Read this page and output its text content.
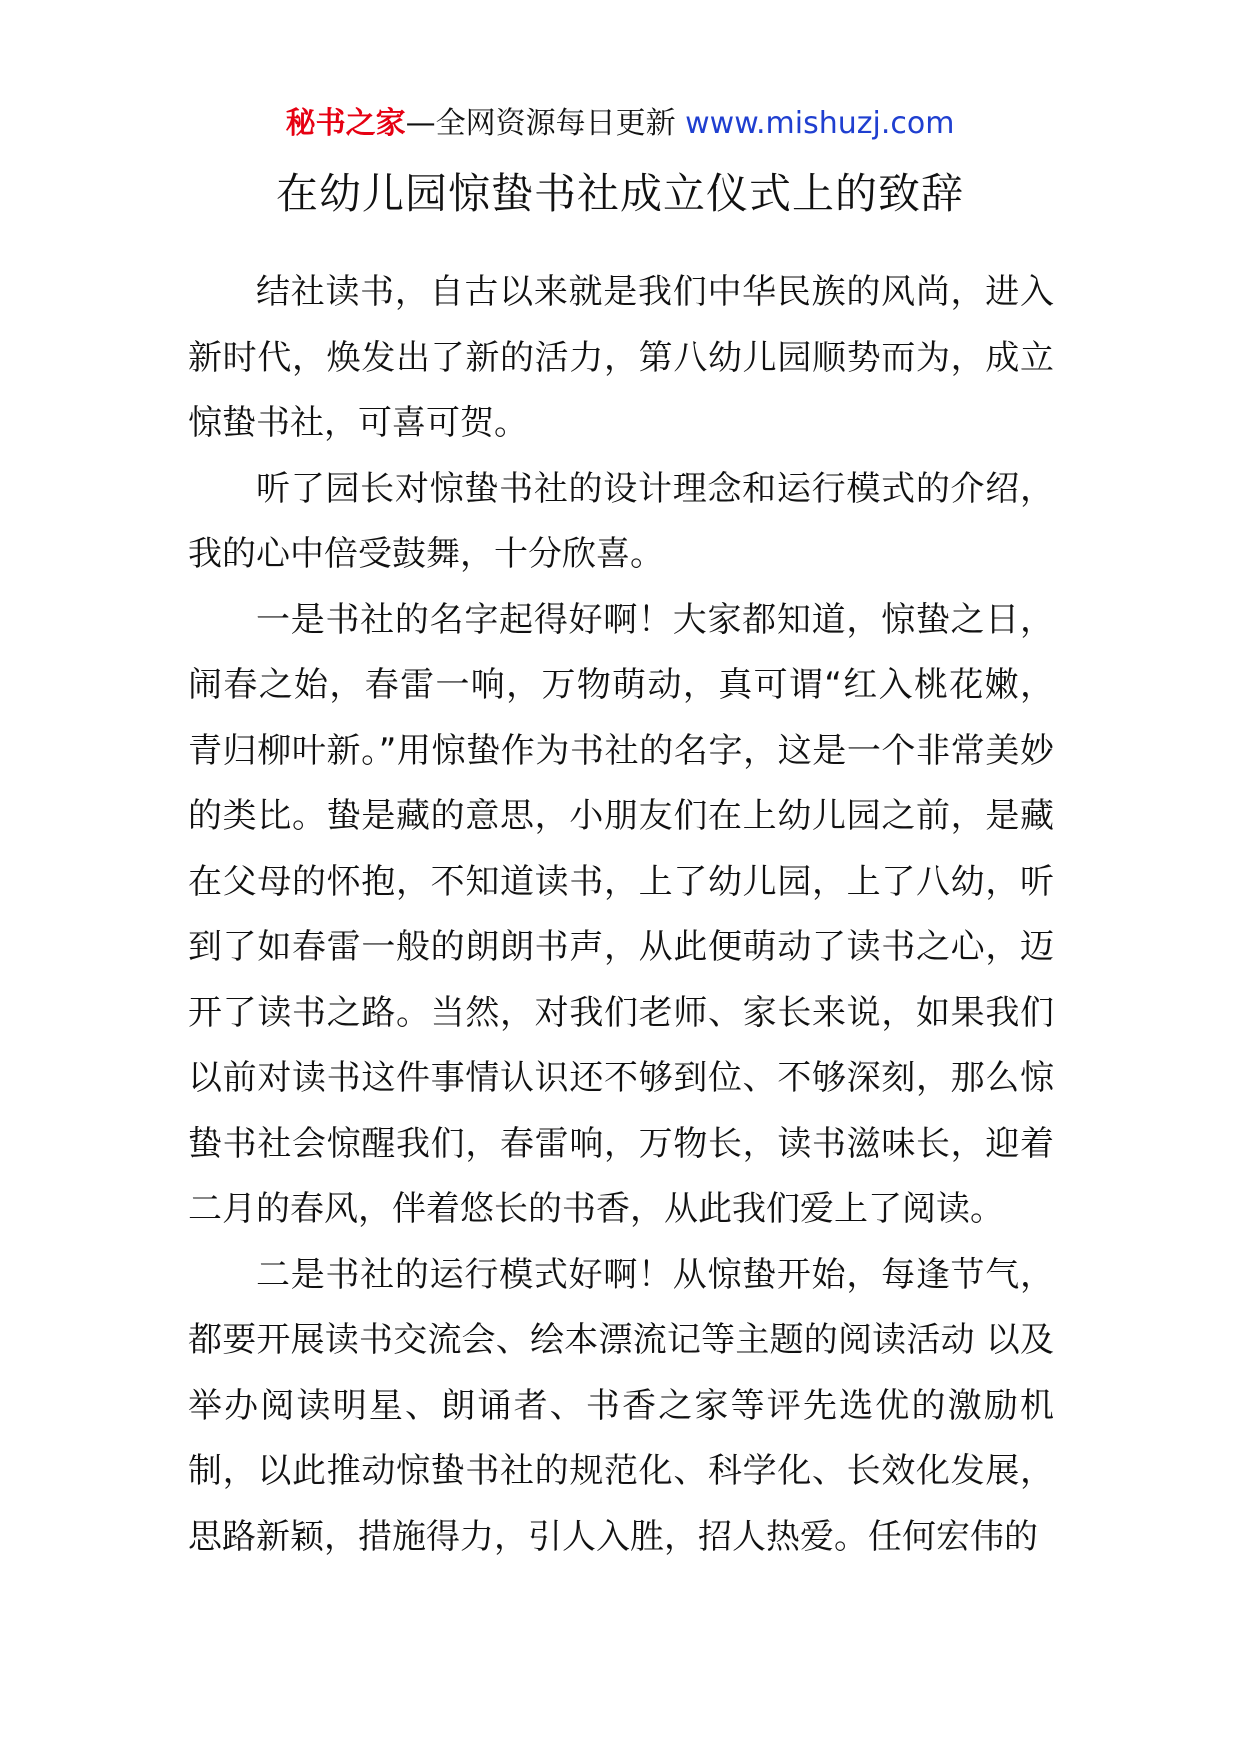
秘书之家—全网资源每日更新 www.mishuzj.com
在幼儿园惊蛰书社成立仪式上的致辞

结社读书，自古以来就是我们中华民族的风尚，进入新时代，焕发出了新的活力，第八幼儿园顺势而为，成立惊蛰书社，可喜可贺。

听了园长对惊蛰书社的设计理念和运行模式的介绍，我的心中倍受鼓舞，十分欣喜。

一是书社的名字起得好啊！大家都知道，惊蛰之日，闹春之始，春雷一响，万物萌动，真可谓“红入桃花嫩，青归柳叶新。”用惊蛰作为书社的名字，这是一个非常美妙的类比。蛰是藏的意思，小朋友们在上幼儿园之前，是藏在父母的怀抱，不知道读书，上了幼儿园，上了八幼，听到了如春雷一般的朗朗书声，从此便萌动了读书之心，迈开了读书之路。当然，对我们老师、家长来说，如果我们以前对读书这件事情认识还不够到位、不够深刻，那么惊蛰书社会惊醒我们，春雷响，万物长，读书滋味长，迎着二月的春风，伴着悠长的书香，从此我们爱上了阅读。

二是书社的运行模式好啊！从惊蛰开始，每逢节气，都要开展读书交流会、绘本漂流记等主题的阅读活动 以及举办阅读明星、朗诵者、书香之家等评先选优的激励机制，以此推动惊蛰书社的规范化、科学化、长效化发展，思路新颖，措施得力，引人入胜，招人热爱。任何宏伟的
